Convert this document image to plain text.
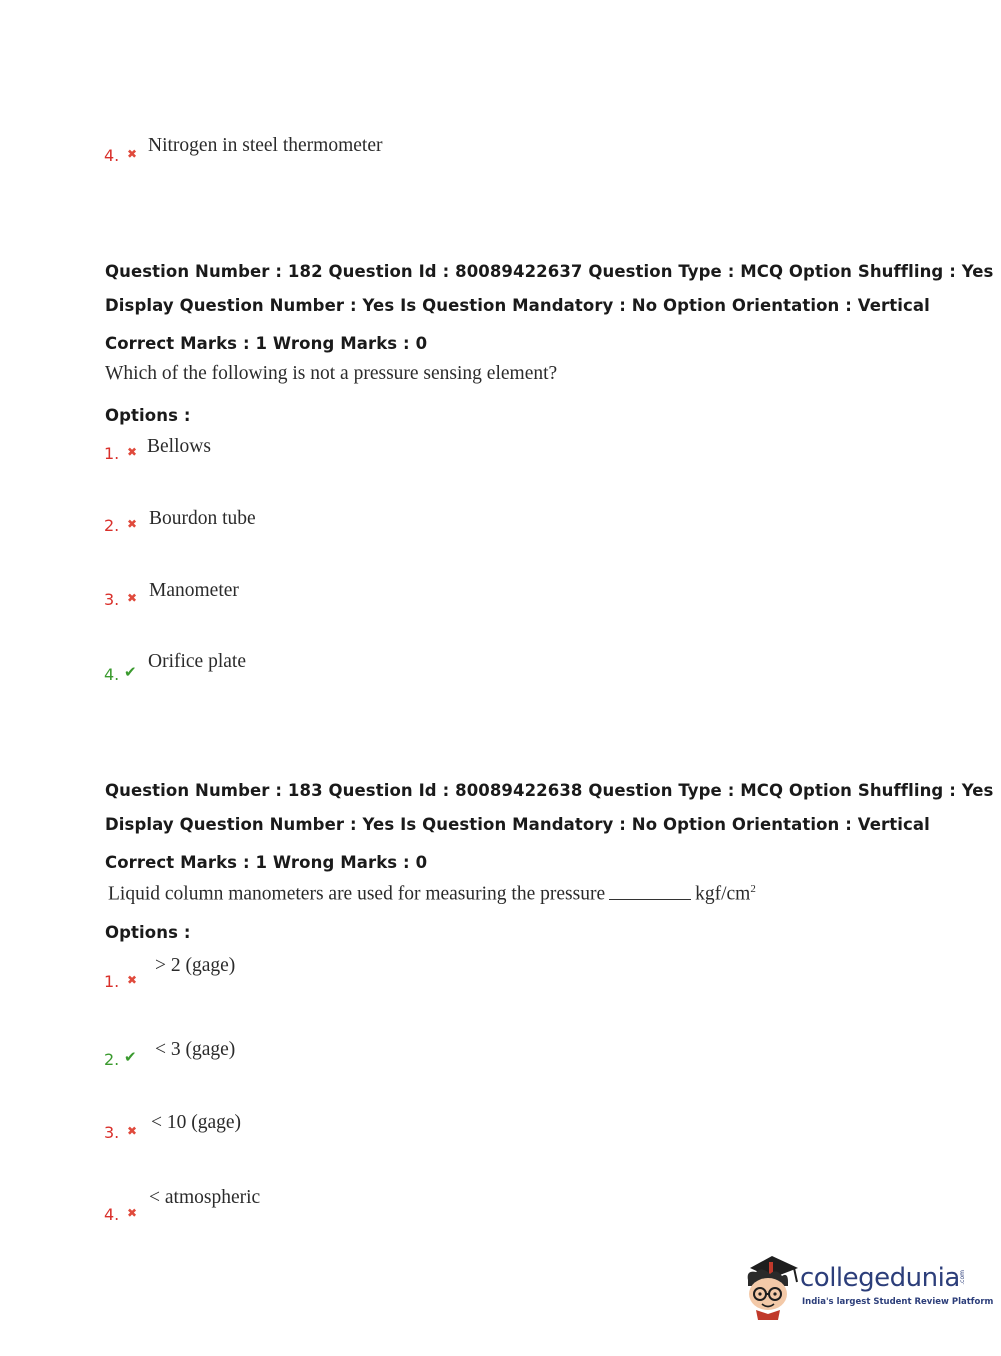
4. ✖ Nitrogen in steel thermometer
Question Number : 182 Question Id : 80089422637 Question Type : MCQ Option Shuffling : Yes
Display Question Number : Yes Is Question Mandatory : No Option Orientation : Vertical
Correct Marks : 1 Wrong Marks : 0
Which of the following is not a pressure sensing element?
Options :
1. ✖ Bellows
2. ✖ Bourdon tube
3. ✖ Manometer
4. ✔ Orifice plate
Question Number : 183 Question Id : 80089422638 Question Type : MCQ Option Shuffling : Yes
Display Question Number : Yes Is Question Mandatory : No Option Orientation : Vertical
Correct Marks : 1 Wrong Marks : 0
Liquid column manometers are used for measuring the pressure	kgf/$cm^2$
Options :
1. ✖
> 2 (gage)
2. ✔ < 3 (gage)
3. ✖ < 10 (gage)
4. ✖
< atmospheric
collegedunia .com
India's largest Student Review Platform
